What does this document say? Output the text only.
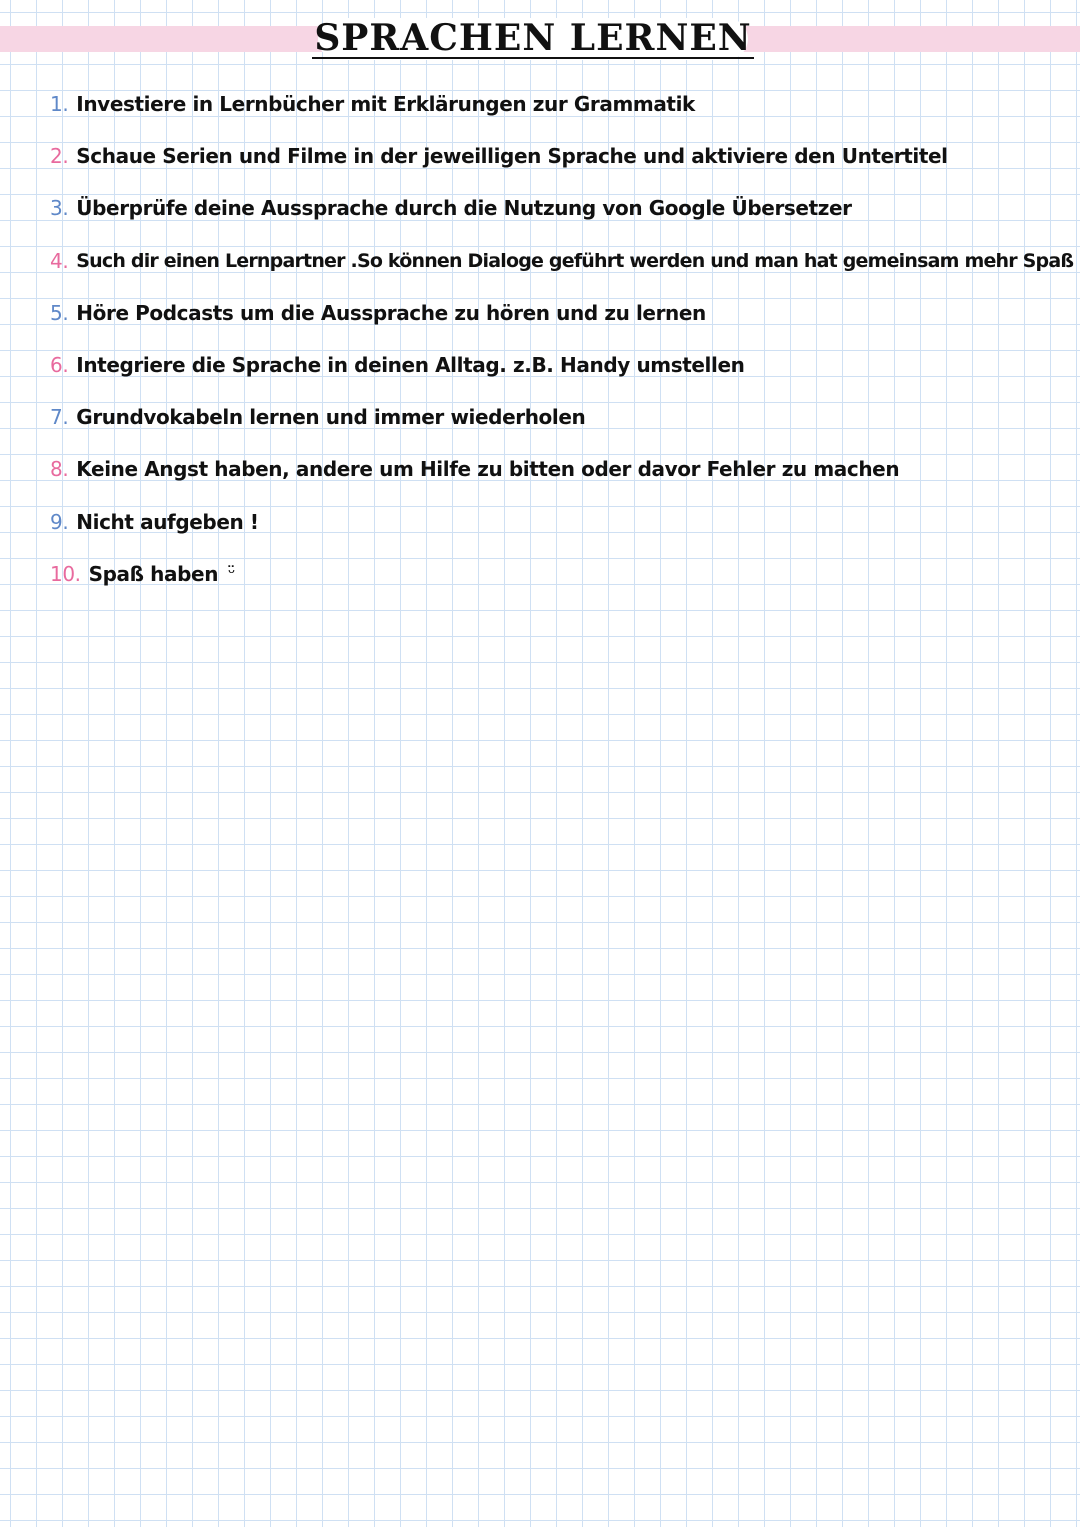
SPRACHEN LERNEN
1. Investiere in Lernbücher mit Erklärungen zur Grammatik
2. Schaue Serien und Filme in der jeweilligen Sprache und aktiviere den Untertitel
3. Überprüfe deine Aussprache durch die Nutzung von Google Übersetzer
4. Such dir einen Lernpartner .So können Dialoge geführt werden und man hat gemeinsam mehr Spaß
5. Höre Podcasts um die Aussprache zu hören und zu lernen
6. Integriere die Sprache in deinen Alltag. z.B. Handy umstellen
7. Grundvokabeln lernen und immer wiederholen
8. Keine Angst haben, andere um Hilfe zu bitten oder davor Fehler zu machen
9. Nicht aufgeben !
10. Spaß haben ᵕ̈
